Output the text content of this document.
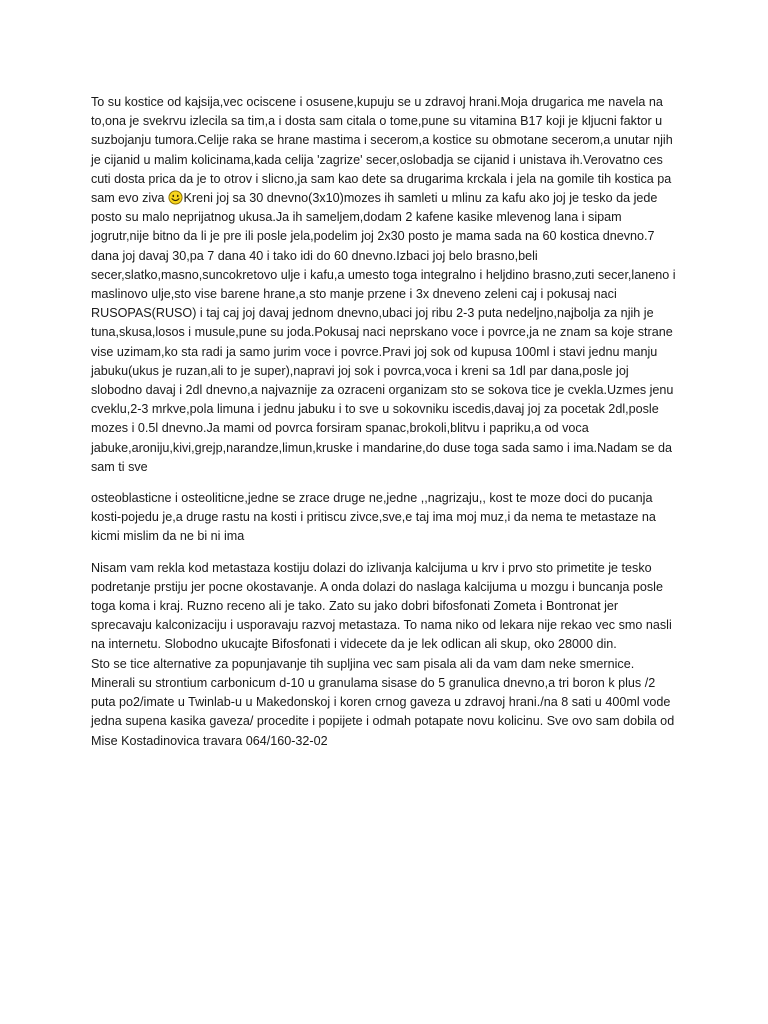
To su kostice od kajsija,vec ociscene i osusene,kupuju se u zdravoj hrani.Moja drugarica me navela na to,ona je svekrvu izlecila sa tim,a i dosta sam citala o tome,pune su vitamina B17 koji je kljucni faktor u suzbojanju tumora.Celije raka se hrane mastima i secerom,a kostice su obmotane secerom,a unutar njih je cijanid u malim kolicinama,kada celija 'zagrize' secer,oslobadja se cijanid i unistava ih.Verovatno ces cuti dosta prica da je to otrov i slicno,ja sam kao dete sa drugarima krckala i jela na gomile tih kostica pa sam evo ziva Kreni joj sa 30 dnevno(3x10)mozes ih samleti u mlinu za kafu ako joj je tesko da jede posto su malo neprijatnog ukusa.Ja ih sameljem,dodam 2 kafene kasike mlevenog lana i sipam jogrutr,nije bitno da li je pre ili posle jela,podelim joj 2x30 posto je mama sada na 60 kostica dnevno.7 dana joj davaj 30,pa 7 dana 40 i tako idi do 60 dnevno.Izbaci joj belo brasno,beli secer,slatko,masno,suncokretovo ulje i kafu,a umesto toga integralno i heljdino brasno,zuti secer,laneno i maslinovo ulje,sto vise barene hrane,a sto manje przene i 3x dneveno zeleni caj i pokusaj naci RUSOPAS(RUSO) i taj caj joj davaj jednom dnevno,ubaci joj ribu 2-3 puta nedeljno,najbolja za njih je tuna,skusa,losos i musule,pune su joda.Pokusaj naci neprskano voce i povrce,ja ne znam sa koje strane vise uzimam,ko sta radi ja samo jurim voce i povrce.Pravi joj sok od kupusa 100ml i stavi jednu manju jabuku(ukus je ruzan,ali to je super),napravi joj sok i povrca,voca i kreni sa 1dl par dana,posle joj slobodno davaj i 2dl dnevno,a najvaznije za ozraceni organizam sto se sokova tice je cvekla.Uzmes jenu cveklu,2-3 mrkve,pola limuna i jednu jabuku i to sve u sokovniku iscedis,davaj joj za pocetak 2dl,posle mozes i 0.5l dnevno.Ja mami od povrca forsiram spanac,brokoli,blitvu i papriku,a od voca jabuke,aroniju,kivi,grejp,narandze,limun,kruske i mandarine,do duse toga sada samo i ima.Nadam se da sam ti sve

osteoblasticne i osteoliticne,jedne se zrace druge ne,jedne ,,nagrizaju,, kost te moze doci do pucanja kosti-pojedu je,a druge rastu na kosti i pritiscu zivce,sve,e taj ima moj muz,i da nema te metastaze na kicmi mislim da ne bi ni ima

Nisam vam rekla kod metastaza kostiju dolazi do izlivanja kalcijuma u krv i prvo sto primetite je tesko podretanje prstiju jer pocne okostavanje. A onda dolazi do naslaga kalcijuma u mozgu i buncanja posle toga koma i kraj. Ruzno receno ali je tako. Zato su jako dobri bifosfonati Zometa i Bontronat jer sprecavaju kalconizaciju i usporavaju razvoj metastaza. To nama niko od lekara nije rekao vec smo nasli na internetu. Slobodno ukucajte Bifosfonati i videcete da je lek odlican ali skup, oko 28000 din.
Sto se tice alternative za popunjavanje tih supljina vec sam pisala ali da vam dam neke smernice. Minerali su strontium carbonicum d-10 u granulama sisase do 5 granulica dnevno,a tri boron k plus /2 puta po2/imate u Twinlab-u u Makedonskoj i koren crnog gaveza u zdravoj hrani./na 8 sati u 400ml vode jedna supena kasika gaveza/ procedite i popijete i odmah potapate novu kolicinu. Sve ovo sam dobila od Mise Kostadinovica travara 064/160-32-02
